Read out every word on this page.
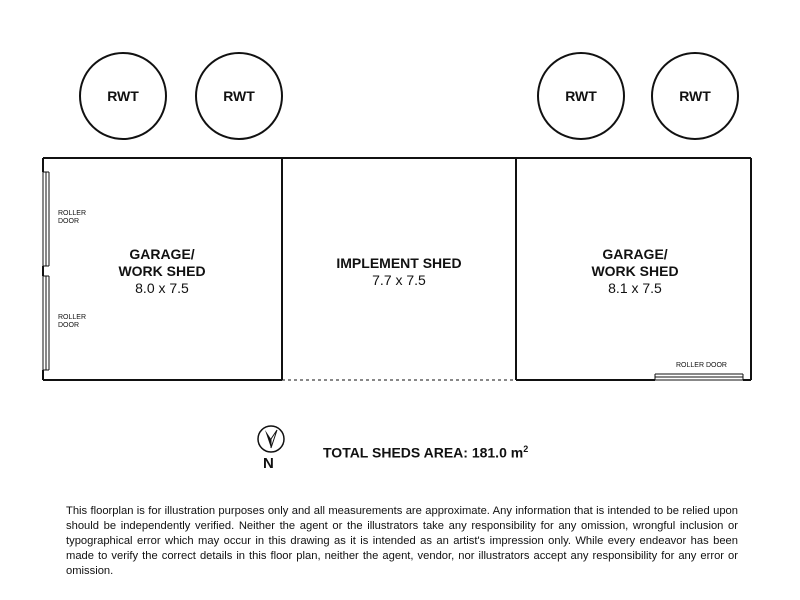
RWT	RWT	RWT	RWT
GARAGE/
WORK SHED
8.0 x 7.5
IMPLEMENT SHED
7.7 x 7.5
GARAGE/
WORK SHED
8.1 x 7.5
ROLLER
DOOR
ROLLER
DOOR
ROLLER DOOR
N
TOTAL SHEDS AREA: 181.0 $m^2$
This floorplan is for illustration purposes only and all measurements are approximate. Any information that is intended to be relied upon should be independently verified. Neither the agent or the illustrators take any responsibility for any omission, wrongful inclusion or typographical error which may occur in this drawing as it is intended as an artist's impression only. While every endeavor has been made to verify the correct details in this floor plan, neither the agent, vendor, nor illustrators accept any responsibility for any error or omission.
